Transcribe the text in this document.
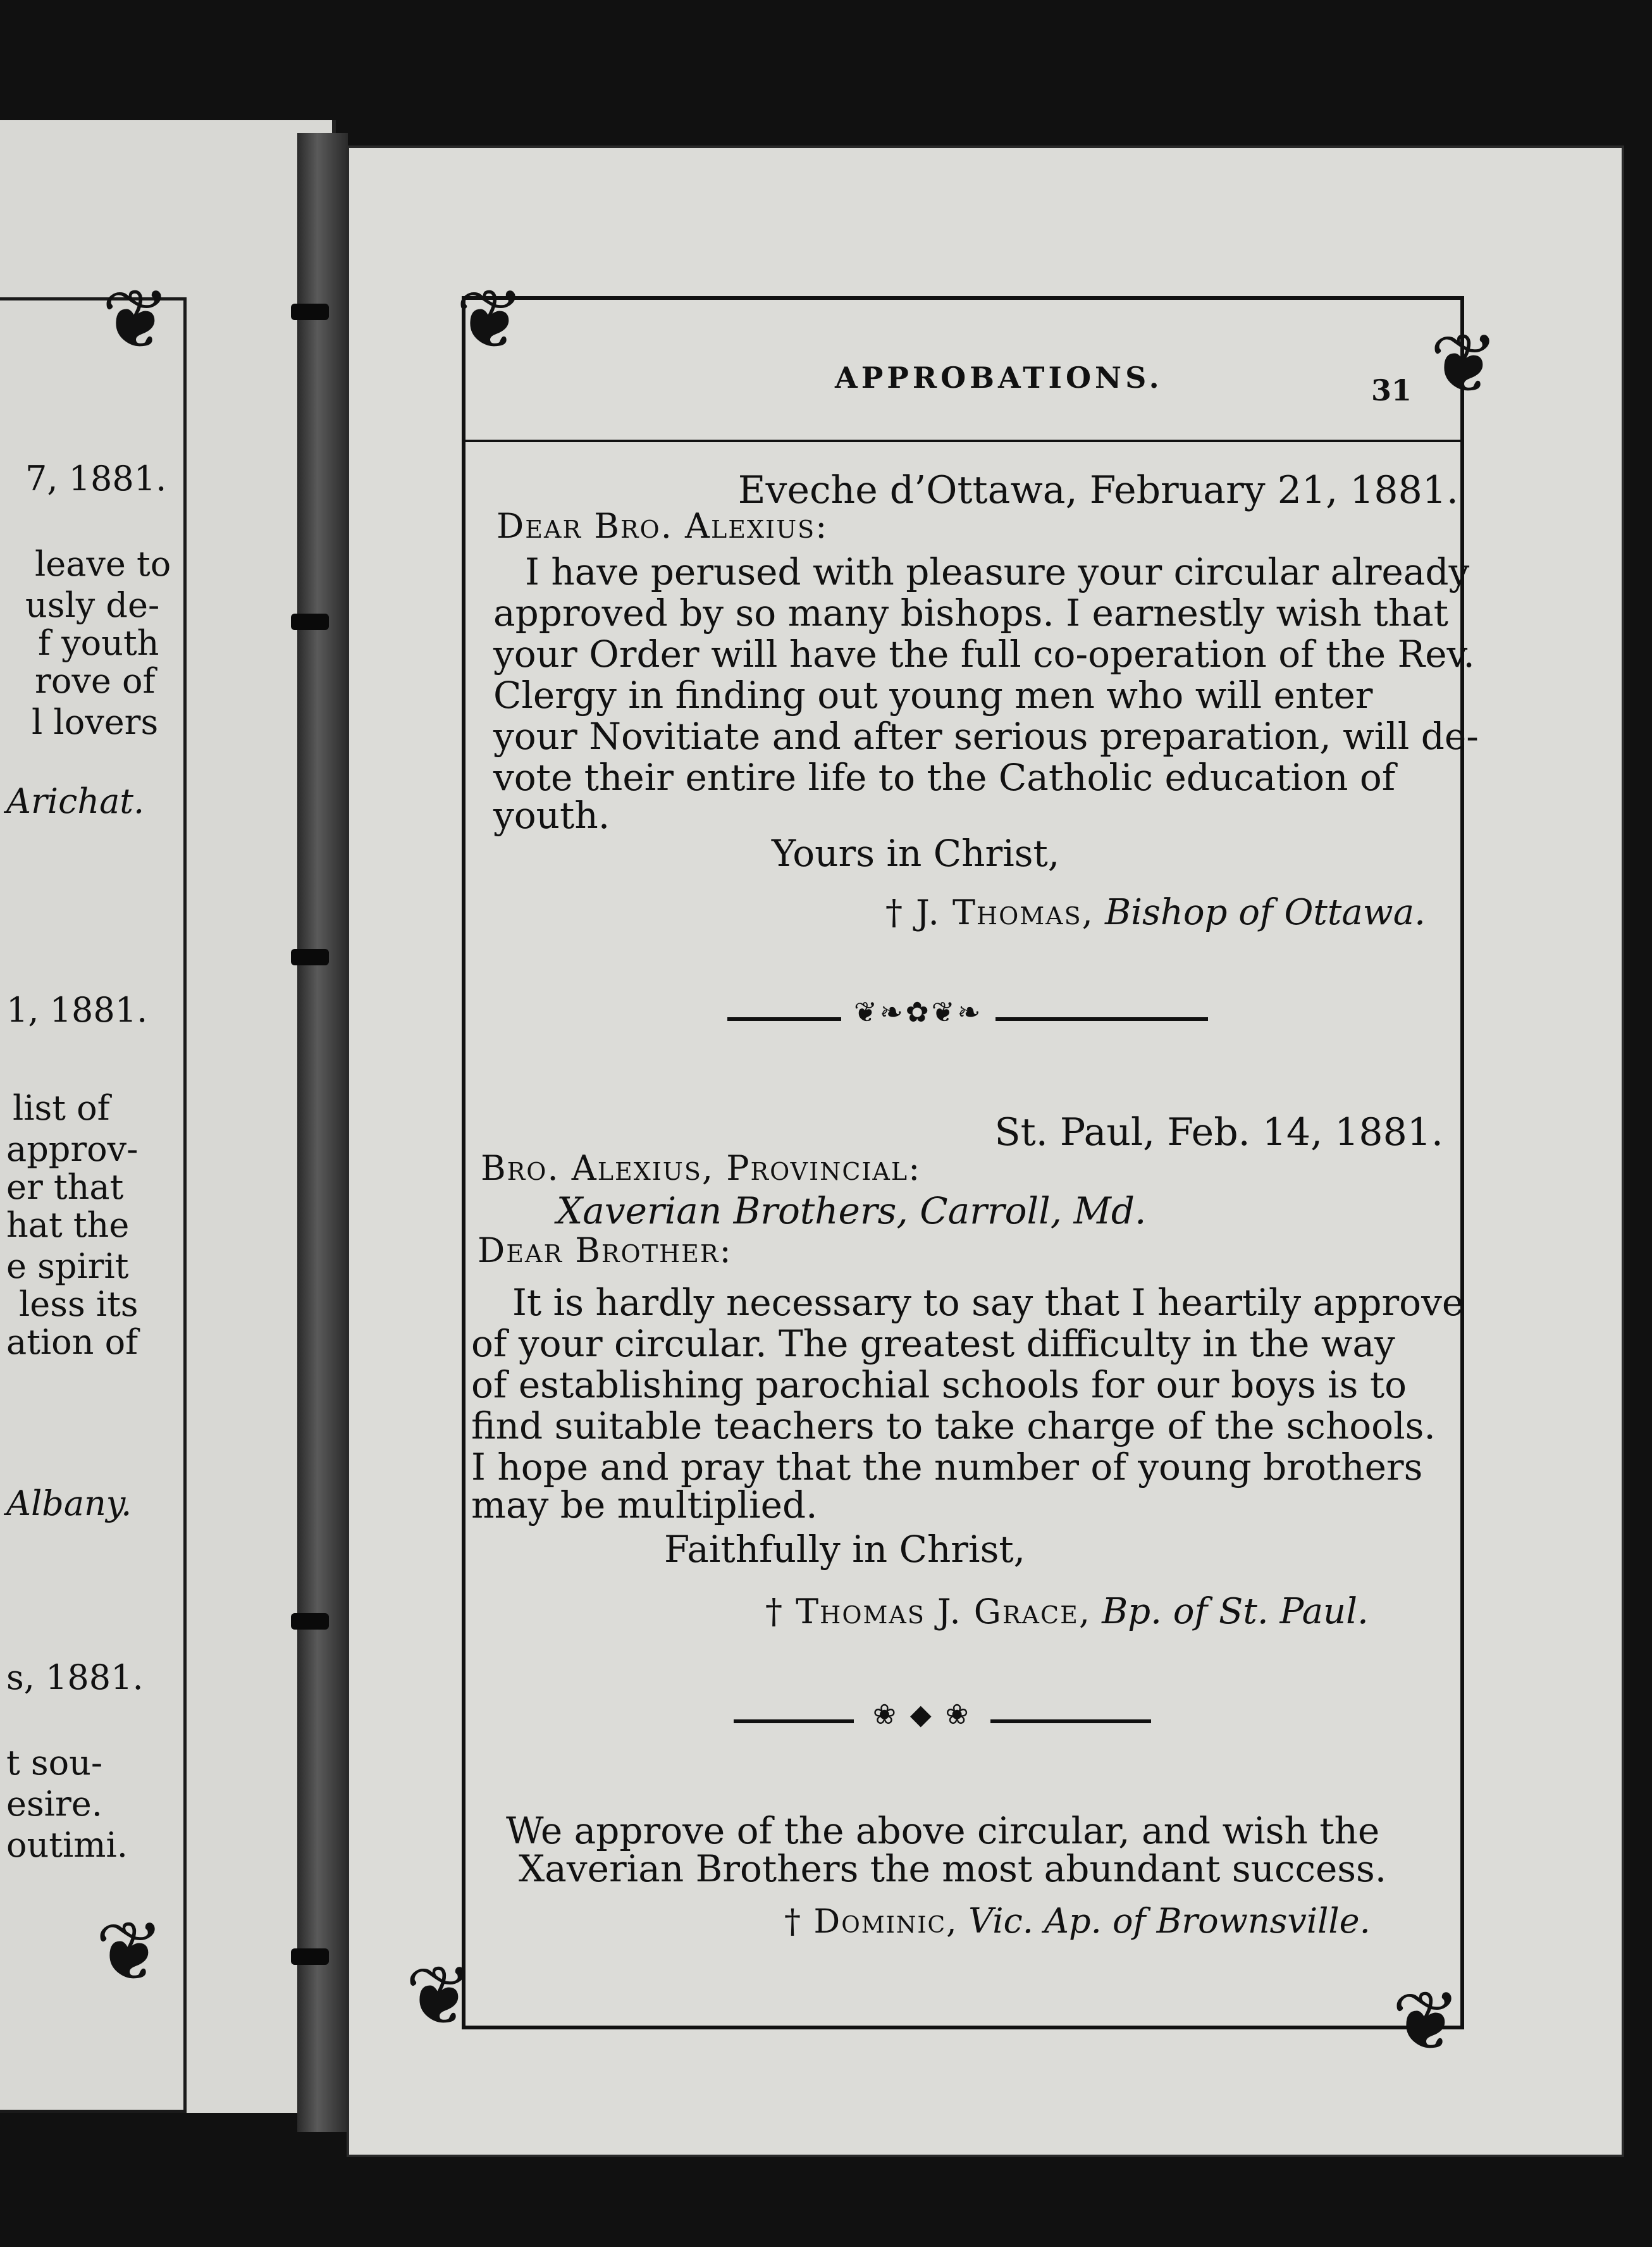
7, 1881.
leave to
usly de-
f youth
rove of
l lovers
Arichat.
1, 1881.
list of
approv-
er that
hat the
e spirit
less its
ation of
Albany.
s, 1881.
t sou-
esire.
outimi.
❦
❦
❦	❦
❦	❦
APPROBATIONS.	31
Eveche d’Ottawa, February 21, 1881.
Dear Bro. Alexius:
I have perused with pleasure your circular already
approved by so many bishops. I earnestly wish that
your Order will have the full co-operation of the Rev.
Clergy in finding out young men who will enter
your Novitiate and after serious preparation, will de-
vote their entire life to the Catholic education of
youth.
Yours in Christ,
† J. Thomas, Bishop of Ottawa.
❦❧✿❦❧
St. Paul, Feb. 14, 1881.
Bro. Alexius, Provincial:
Xaverian Brothers, Carroll, Md.
Dear Brother:
It is hardly necessary to say that I heartily approve
of your circular. The greatest difficulty in the way
of establishing parochial schools for our boys is to
find suitable teachers to take charge of the schools.
I hope and pray that the number of young brothers
may be multiplied.
Faithfully in Christ,
† Thomas J. Grace, Bp. of St. Paul.
❀ ◆ ❀
We approve of the above circular, and wish the
Xaverian Brothers the most abundant success.
† Dominic, Vic. Ap. of Brownsville.
